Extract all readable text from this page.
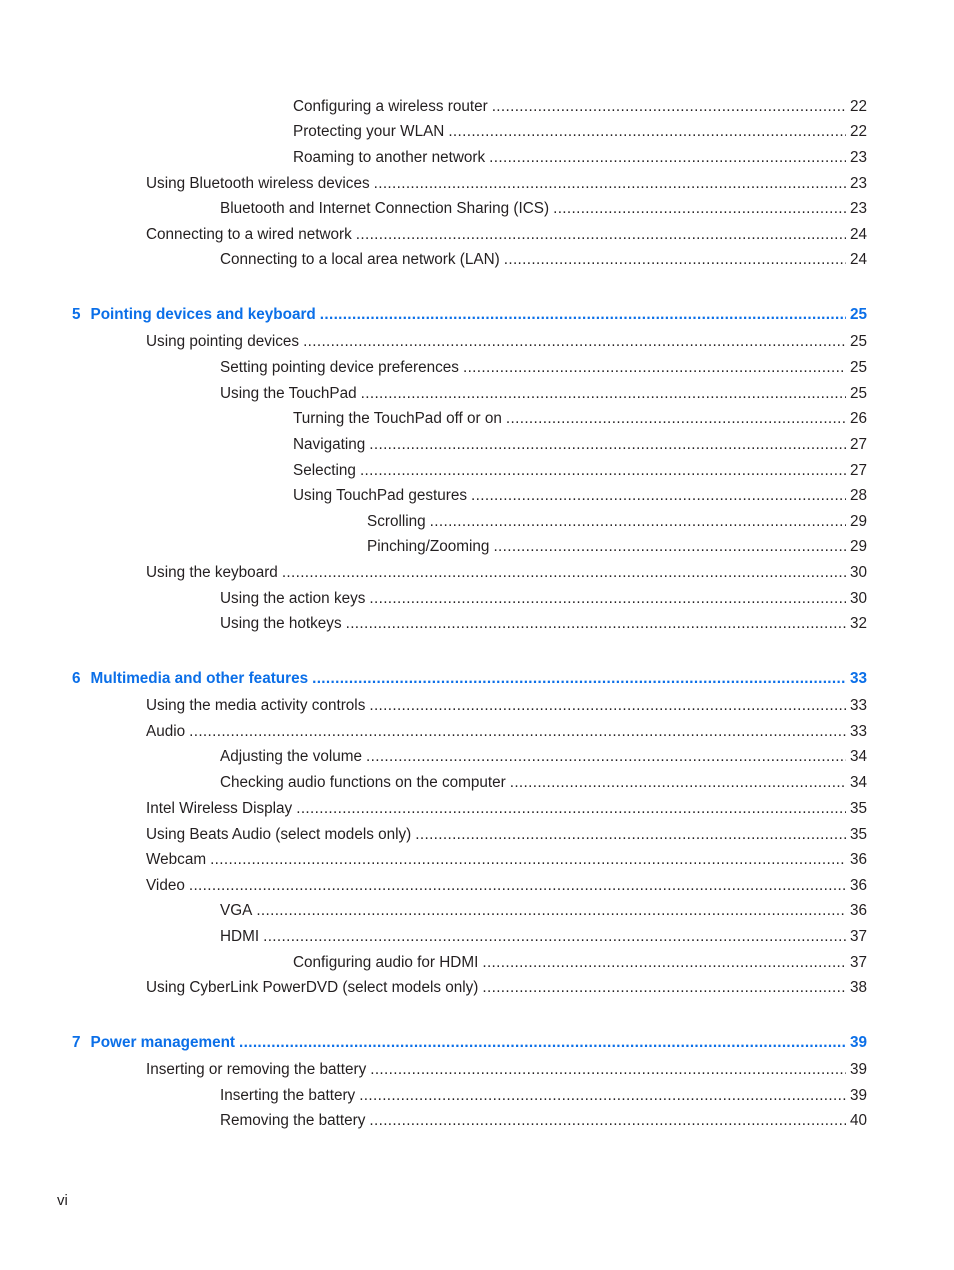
Configuring a wireless router .....	22
Protecting your WLAN .....	22
Roaming to another network .....	23
Using Bluetooth wireless devices .....	23
Bluetooth and Internet Connection Sharing (ICS) .....	23
Connecting to a wired network .....	24
Connecting to a local area network (LAN) .....	24
5 Pointing devices and keyboard .....	25
Using pointing devices .....	25
Setting pointing device preferences .....	25
Using the TouchPad .....	25
Turning the TouchPad off or on .....	26
Navigating .....	27
Selecting .....	27
Using TouchPad gestures .....	28
Scrolling .....	29
Pinching/Zooming .....	29
Using the keyboard .....	30
Using the action keys .....	30
Using the hotkeys .....	32
6 Multimedia and other features .....	33
Using the media activity controls .....	33
Audio .....	33
Adjusting the volume .....	34
Checking audio functions on the computer .....	34
Intel Wireless Display .....	35
Using Beats Audio (select models only) .....	35
Webcam .....	36
Video .....	36
VGA .....	36
HDMI .....	37
Configuring audio for HDMI .....	37
Using CyberLink PowerDVD (select models only) .....	38
7 Power management .....	39
Inserting or removing the battery .....	39
Inserting the battery .....	39
Removing the battery .....	40
vi
